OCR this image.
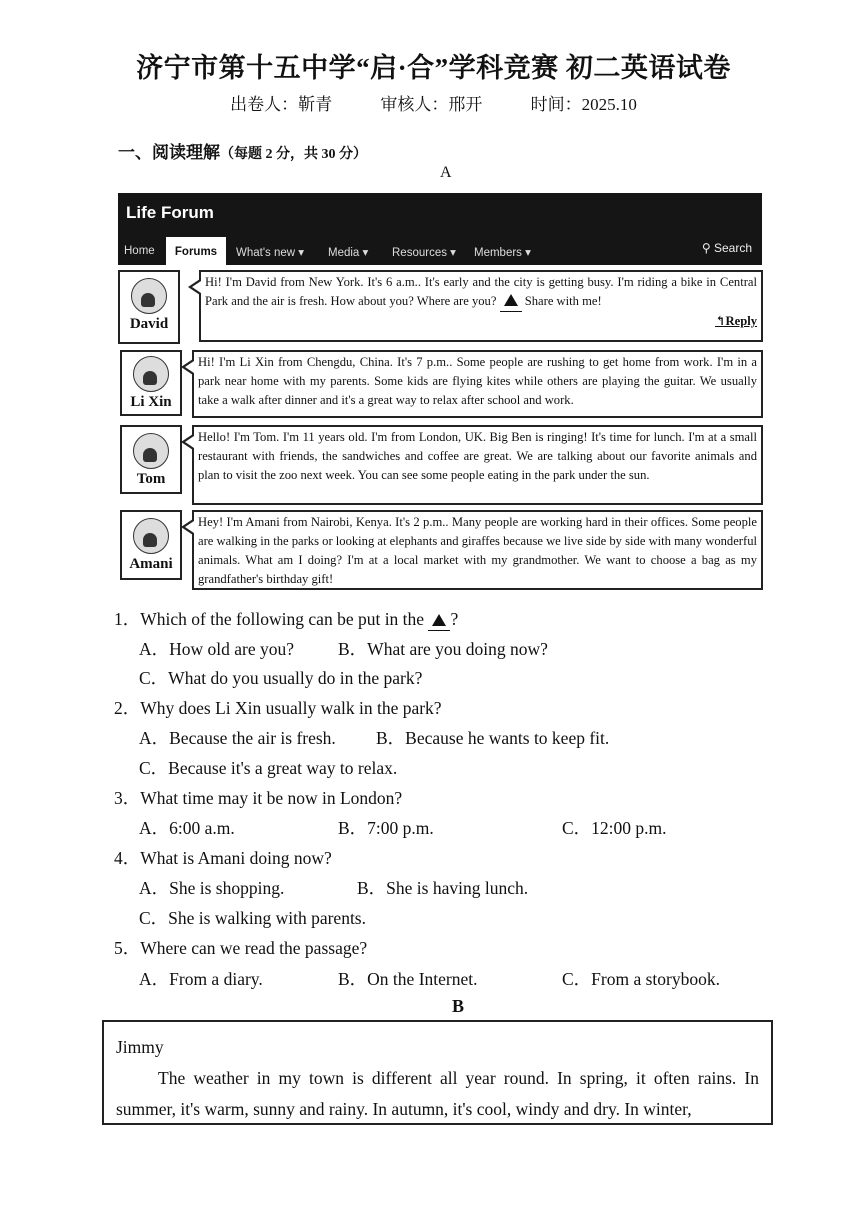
济宁市第十五中学“启·合”学科竞赛 初二英语试卷
出卷人：靳青	审核人：邢开	时间：2025.10
一、阅读理解（每题 2 分，共 30 分）
A
Life Forum
Home	Forums	What's new ▾ Media ▾ Resources ▾ Members ▾	⚲ Search
David
Hi! I'm David from New York. It's 6 a.m.. It's early and the city is getting busy. I'm riding a bike in Central Park and the air is fresh. How about you? Where are you? Share with me!
↰Reply
Li Xin
Hi! I'm Li Xin from Chengdu, China. It's 7 p.m.. Some people are rushing to get home from work. I'm in a park near home with my parents. Some kids are flying kites while others are playing the guitar. We usually take a walk after dinner and it's a great way to relax after school and work.
Tom
Hello! I'm Tom. I'm 11 years old. I'm from London, UK. Big Ben is ringing! It's time for lunch. I'm at a small restaurant with friends, the sandwiches and coffee are great. We are talking about our favorite animals and plan to visit the zoo next week. You can see some people eating in the park under the sun.
Amani
Hey! I'm Amani from Nairobi, Kenya. It's 2 p.m.. Many people are working hard in their offices. Some people are walking in the parks or looking at elephants and giraffes because we live side by side with many wonderful animals. What am I doing? I'm at a local market with my grandmother. We want to choose a bag as my grandfather's birthday gift!
1．Which of the following can be put in the ?
A．How old are you?	B．What are you doing now?
C．What do you usually do in the park?
2．Why does Li Xin usually walk in the park?
A．Because the air is fresh. B．Because he wants to keep fit.
C．Because it's a great way to relax.
3．What time may it be now in London?
A．6:00 a.m.	B．7:00 p.m.	C．12:00 p.m.
4．What is Amani doing now?
A．She is shopping.	B．She is having lunch.
C．She is walking with parents.
5．Where can we read the passage?
A．From a diary.	B．On the Internet.	C．From a storybook.
B
Jimmy

The weather in my town is different all year round. In spring, it often rains. In summer, it's warm, sunny and rainy. In autumn, it's cool, windy and dry. In winter,
